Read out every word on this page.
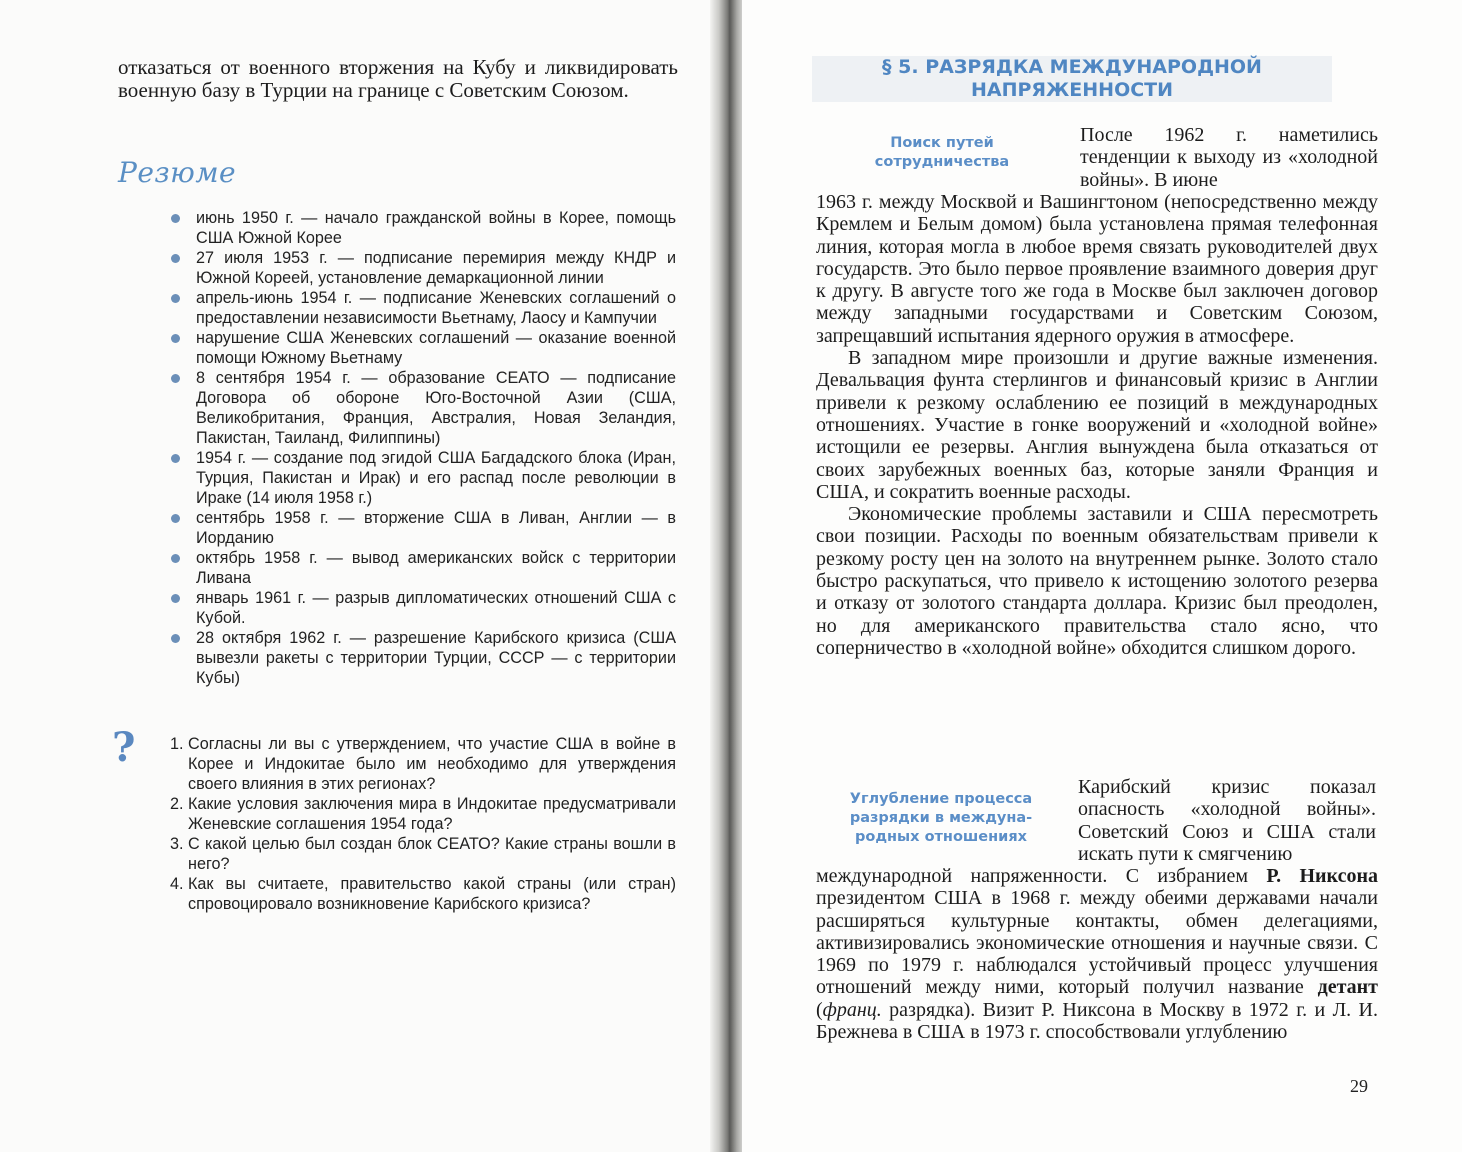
отказаться от военного вторжения на Кубу и ликвидировать военную базу в Турции на границе с Советским Союзом.
Резюме
июнь 1950 г. — начало гражданской войны в Корее, помощь США Южной Корее
27 июля 1953 г. — подписание перемирия между КНДР и Южной Кореей, установление демаркационной линии
апрель-июнь 1954 г. — подписание Женевских соглашений о предоставлении независимости Вьетнаму, Лаосу и Кампучии
нарушение США Женевских соглашений — оказание военной помощи Южному Вьетнаму
8 сентября 1954 г. — образование СЕАТО — подписание Договора об обороне Юго-Восточной Азии (США, Великобритания, Франция, Австралия, Новая Зеландия, Пакистан, Таиланд, Филиппины)
1954 г. — создание под эгидой США Багдадского блока (Иран, Турция, Пакистан и Ирак) и его распад после революции в Ираке (14 июля 1958 г.)
сентябрь 1958 г. — вторжение США в Ливан, Англии — в Иорданию
октябрь 1958 г. — вывод американских войск с территории Ливана
январь 1961 г. — разрыв дипломатических отношений США с Кубой.
28 октября 1962 г. — разрешение Карибского кризиса (США вывезли ракеты с территории Турции, СССР — с территории Кубы)
? 1. Согласны ли вы с утверждением, что участие США в войне в Корее и Индокитае было им необходимо для утверждения своего влияния в этих регионах?
2. Какие условия заключения мира в Индокитае предусматривали Женевские соглашения 1954 года?
3. С какой целью был создан блок СЕАТО? Какие страны вошли в него?
4. Как вы считаете, правительство какой страны (или стран) спровоцировало возникновение Карибского кризиса?
§ 5. РАЗРЯДКА МЕЖДУНАРОДНОЙ
НАПРЯЖЕННОСТИ
Поиск путей
сотрудничества
После 1962 г. наметились тенденции к выходу из «холодной войны». В июне

1963 г. между Москвой и Вашингтоном (непосредственно между Кремлем и Белым домом) была установлена прямая телефонная линия, которая могла в любое время связать руководителей двух государств. Это было первое проявление взаимного доверия друг к другу. В августе того же года в Москве был заключен договор между западными государствами и Советским Союзом, запрещавший испытания ядерного оружия в атмосфере.

В западном мире произошли и другие важные изменения. Девальвация фунта стерлингов и финансовый кризис в Англии привели к резкому ослаблению ее позиций в международных отношениях. Участие в гонке вооружений и «холодной войне» истощили ее резервы. Англия вынуждена была отказаться от своих зарубежных военных баз, которые заняли Франция и США, и сократить военные расходы.

Экономические проблемы заставили и США пересмотреть свои позиции. Расходы по военным обязательствам привели к резкому росту цен на золото на внутреннем рынке. Золото стало быстро раскупаться, что привело к истощению золотого резерва и отказу от золотого стандарта доллара. Кризис был преодолен, но для американского правительства стало ясно, что соперничество в «холодной войне» обходится слишком дорого.

Углубление процесса
разрядки в междуна-
родных отношениях
Карибский кризис показал опасность «холодной войны». Советский Союз и США стали искать пути к смягчению
международной напряженности. С избранием Р. Никсона президентом США в 1968 г. между обеими державами начали расширяться культурные контакты, обмен делегациями, активизировались экономические отношения и научные связи. С 1969 по 1979 г. наблюдался устойчивый процесс улучшения отношений между ними, который получил название детант (франц. разрядка). Визит Р. Никсона в Москву в 1972 г. и Л. И. Брежнева в США в 1973 г. способствовали углублению
29
